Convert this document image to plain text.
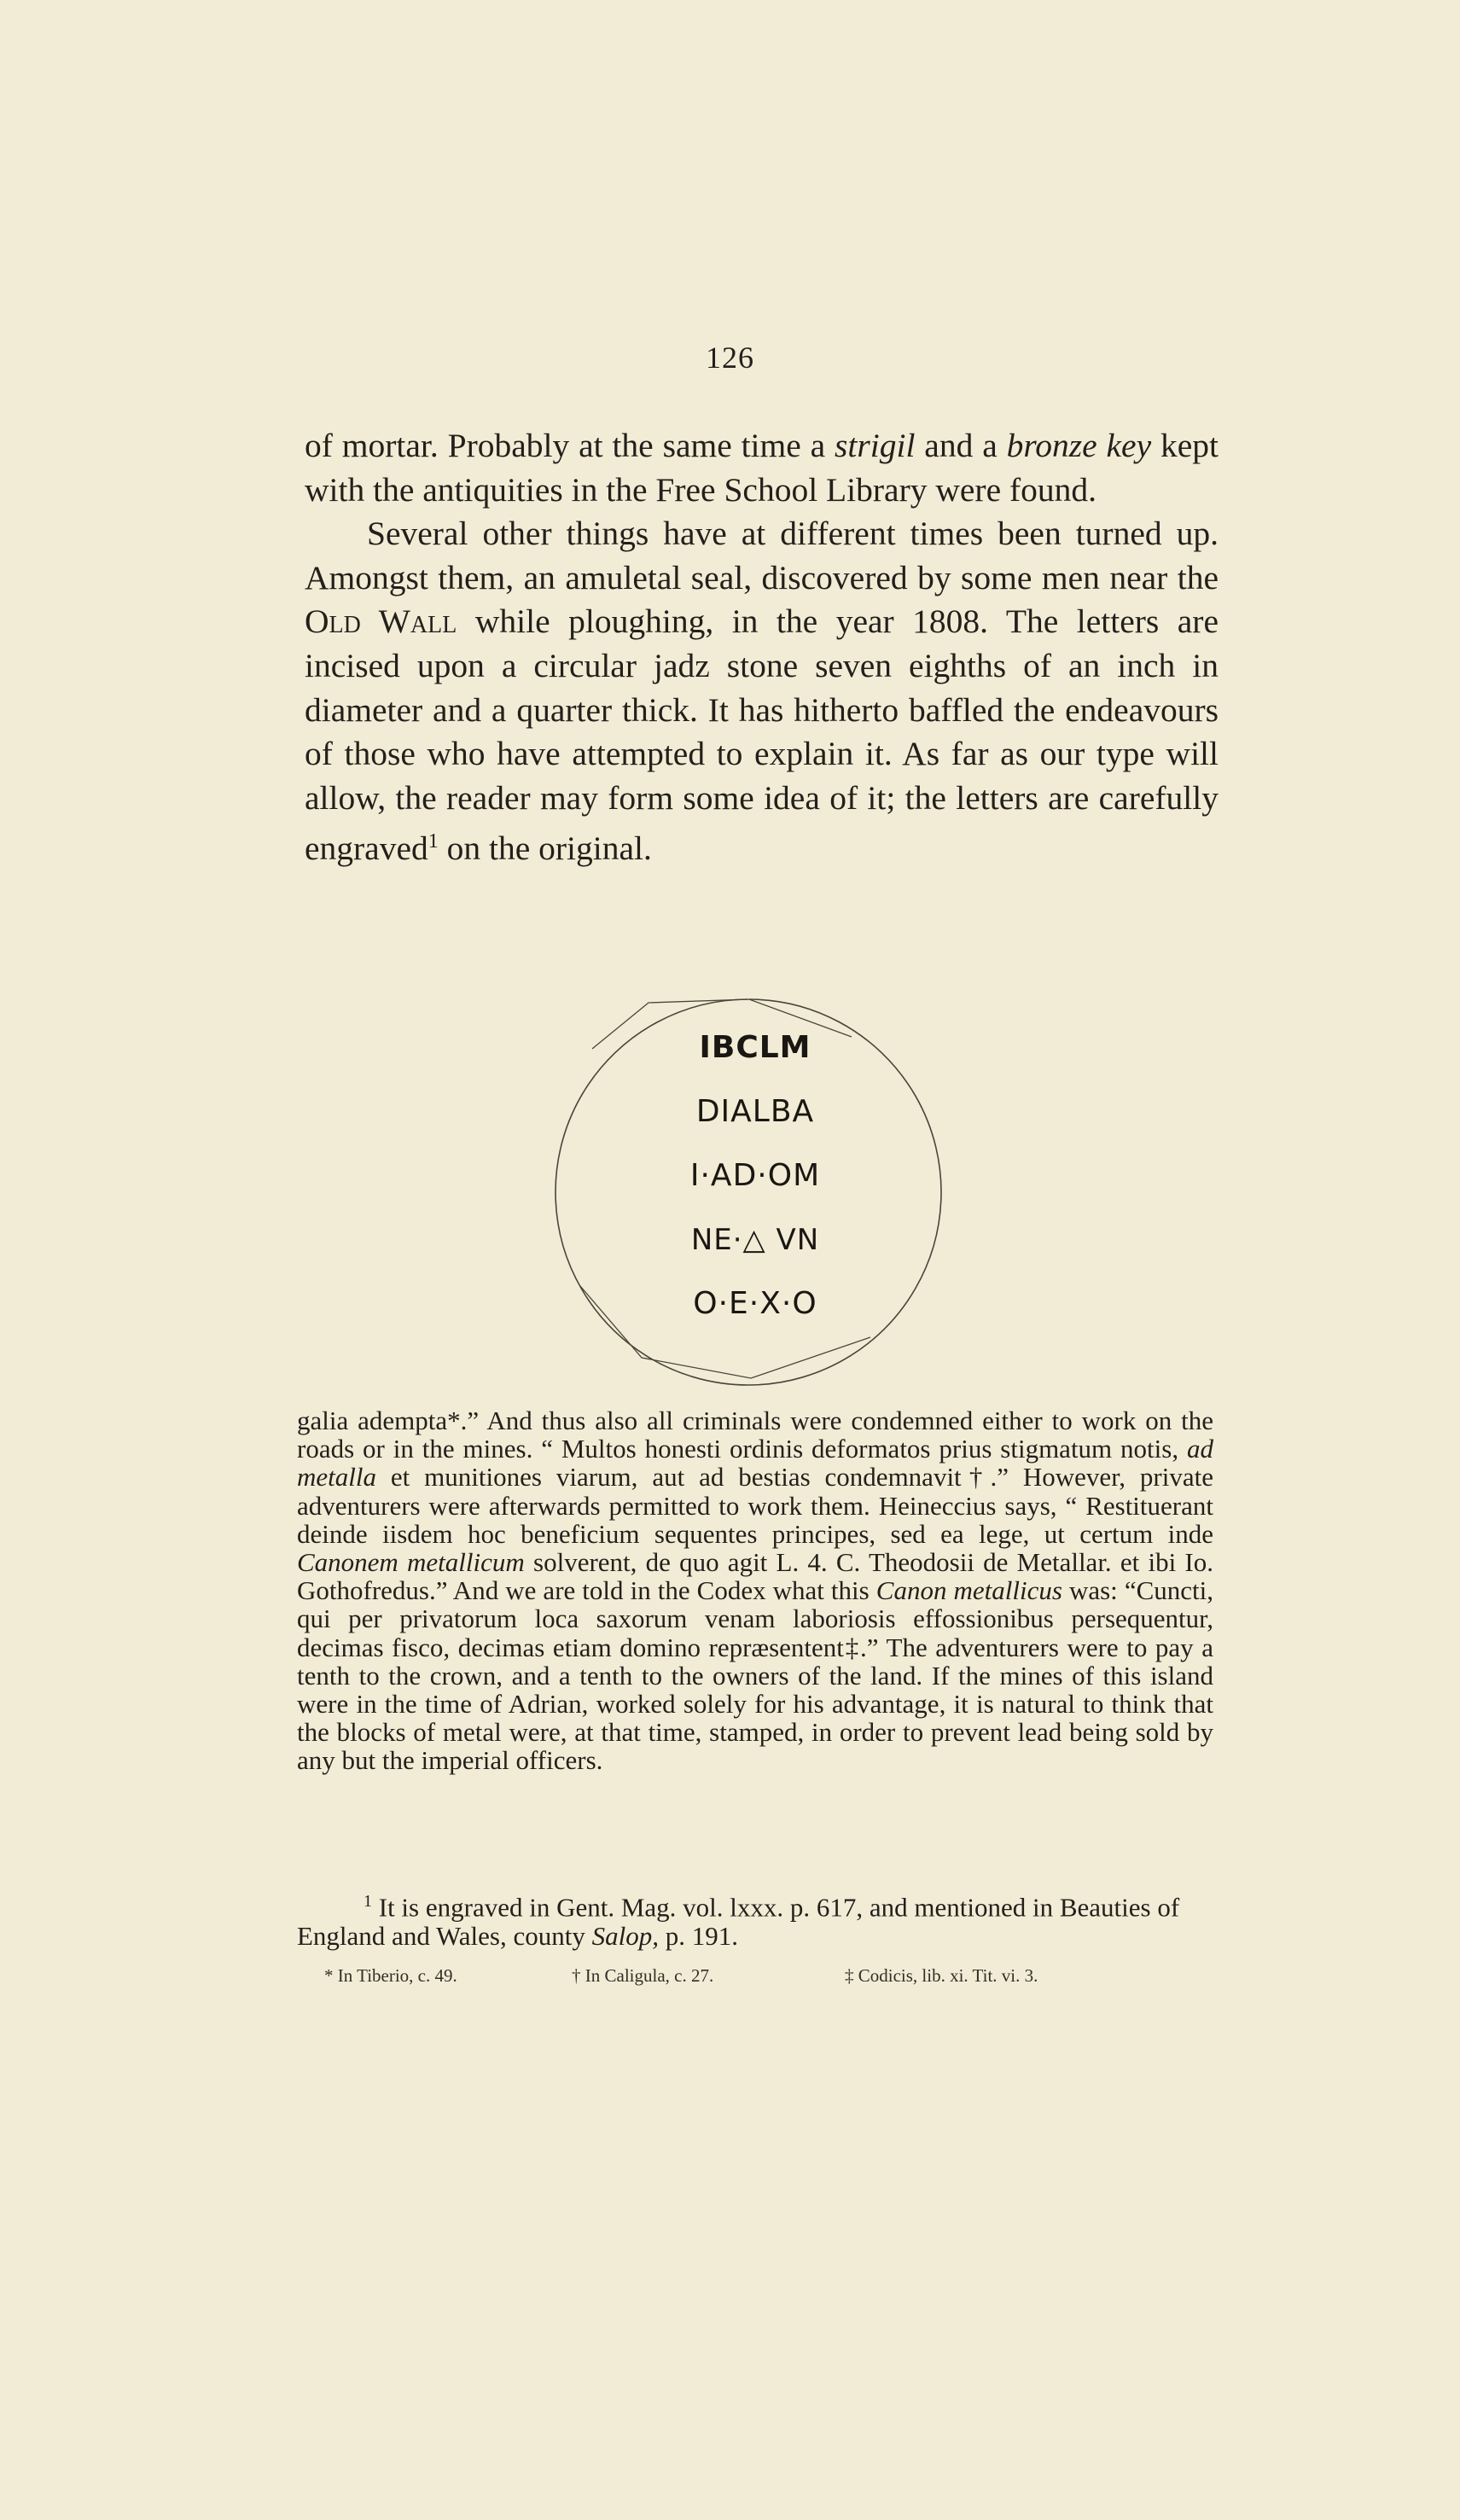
126

of mortar. Probably at the same time a strigil and a bronze key kept with the antiquities in the Free School Library were found.

Several other things have at different times been turned up. Amongst them, an amuletal seal, discovered by some men near the Old Wall while ploughing, in the year 1808. The letters are incised upon a circular jadz stone seven eighths of an inch in diameter and a quarter thick. It has hitherto baffled the endeavours of those who have attempted to explain it. As far as our type will allow, the reader may form some idea of it; the letters are carefully engraved$^1$ on the original.

IBCLM
DIALBA
I·AD·OM
NE·△ VN
O·E·X·O

galia adempta*.” And thus also all criminals were condemned either to work on the roads or in the mines. “ Multos honesti ordinis deformatos prius stigmatum notis, ad metalla et munitiones viarum, aut ad bestias condemnavit†.” However, private adventurers were afterwards permitted to work them. Heineccius says, “ Restituerant deinde iisdem hoc beneficium sequentes principes, sed ea lege, ut certum inde Canonem metallicum solverent, de quo agit L. 4. C. Theodosii de Metallar. et ibi Io. Gothofredus.” And we are told in the Codex what this Canon metallicus was: “Cuncti, qui per privatorum loca saxorum venam laboriosis effossionibus persequentur, decimas fisco, decimas etiam domino repræsentent‡.” The adventurers were to pay a tenth to the crown, and a tenth to the owners of the land. If the mines of this island were in the time of Adrian, worked solely for his advantage, it is natural to think that the blocks of metal were, at that time, stamped, in order to prevent lead being sold by any but the imperial officers.

$^1$ It is engraved in Gent. Mag. vol. lxxx. p. 617, and mentioned in Beauties of England and Wales, county Salop, p. 191.
* In Tiberio, c. 49.	† In Caligula, c. 27.	‡ Codicis, lib. xi. Tit. vi. 3.
